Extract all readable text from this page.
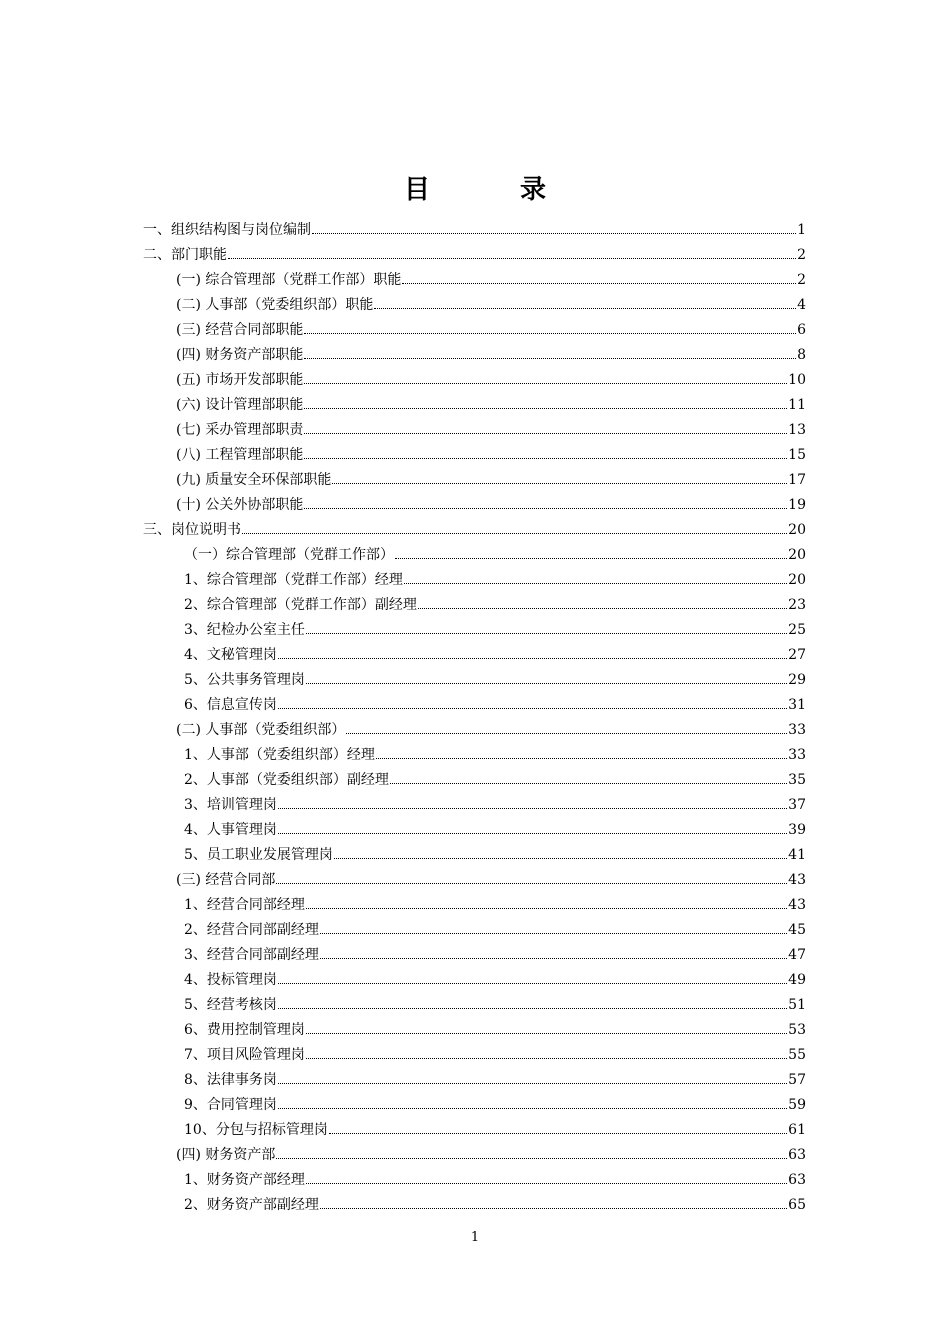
目　录
一、组织结构图与岗位编制	1
二、部门职能	2
(一) 综合管理部（党群工作部）职能	2
(二) 人事部（党委组织部）职能	4
(三) 经营合同部职能	6
(四) 财务资产部职能	8
(五) 市场开发部职能	10
(六) 设计管理部职能	11
(七) 采办管理部职责	13
(八) 工程管理部职能	15
(九) 质量安全环保部职能	17
(十) 公关外协部职能	19
三、岗位说明书	20
（一）综合管理部（党群工作部）	20
1、综合管理部（党群工作部）经理	20
2、综合管理部（党群工作部）副经理	23
3、纪检办公室主任	25
4、文秘管理岗	27
5、公共事务管理岗	29
6、信息宣传岗	31
(二) 人事部（党委组织部）	33
1、人事部（党委组织部）经理	33
2、人事部（党委组织部）副经理	35
3、培训管理岗	37
4、人事管理岗	39
5、员工职业发展管理岗	41
(三) 经营合同部	43
1、经营合同部经理	43
2、经营合同部副经理	45
3、经营合同部副经理	47
4、投标管理岗	49
5、经营考核岗	51
6、费用控制管理岗	53
7、项目风险管理岗	55
8、法律事务岗	57
9、合同管理岗	59
10、分包与招标管理岗	61
(四) 财务资产部	63
1、财务资产部经理	63
2、财务资产部副经理	65
1
